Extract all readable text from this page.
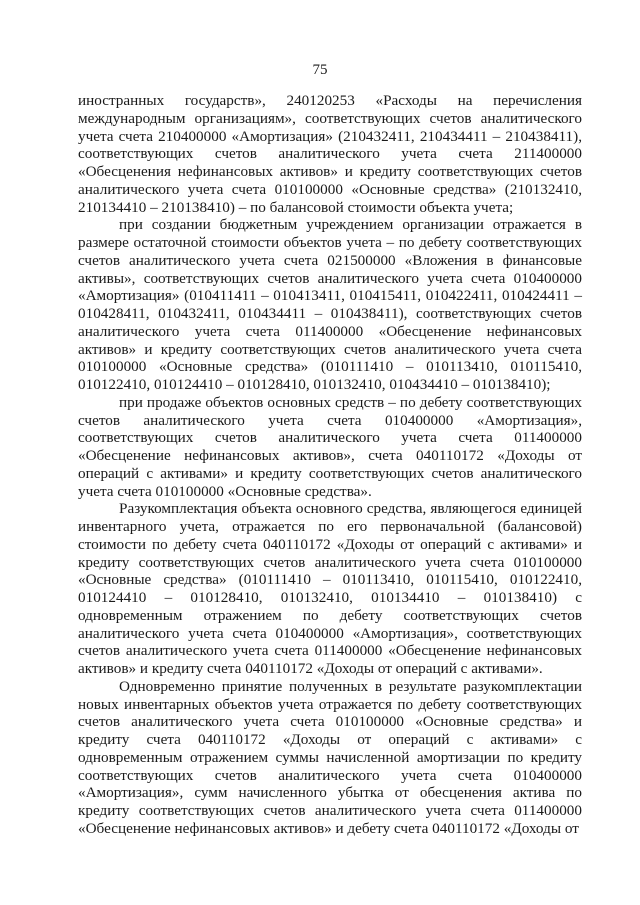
75

иностранных государств», 240120253 «Расходы на перечисления международным организациям», соответствующих счетов аналитического учета счета 210400000 «Амортизация» (210432411, 210434411 – 210438411), соответствующих счетов аналитического учета счета 211400000 «Обесценения нефинансовых активов» и кредиту соответствующих счетов аналитического учета счета 010100000 «Основные средства» (210132410, 210134410 – 210138410) – по балансовой стоимости объекта учета;

при создании бюджетным учреждением организации отражается в размере остаточной стоимости объектов учета – по дебету соответствующих счетов аналитического учета счета 021500000 «Вложения в финансовые активы», соответствующих счетов аналитического учета счета 010400000 «Амортизация» (010411411 – 010413411, 010415411, 010422411, 010424411 – 010428411, 010432411, 010434411 – 010438411), соответствующих счетов аналитического учета счета 011400000 «Обесценение нефинансовых активов» и кредиту соответствующих счетов аналитического учета счета 010100000 «Основные средства» (010111410 – 010113410, 010115410, 010122410, 010124410 – 010128410, 010132410, 010434410 – 010138410);

при продаже объектов основных средств – по дебету соответствующих счетов аналитического учета счета 010400000 «Амортизация», соответствующих счетов аналитического учета счета 011400000 «Обесценение нефинансовых активов», счета 040110172 «Доходы от операций с активами» и кредиту соответствующих счетов аналитического учета счета 010100000 «Основные средства».

Разукомплектация объекта основного средства, являющегося единицей инвентарного учета, отражается по его первоначальной (балансовой) стоимости по дебету счета 040110172 «Доходы от операций с активами» и кредиту соответствующих счетов аналитического учета счета 010100000 «Основные средства» (010111410 – 010113410, 010115410, 010122410, 010124410 – 010128410, 010132410, 010134410 – 010138410) с одновременным отражением по дебету соответствующих счетов аналитического учета счета 010400000 «Амортизация», соответствующих счетов аналитического учета счета 011400000 «Обесценение нефинансовых активов» и кредиту счета 040110172 «Доходы от операций с активами».

Одновременно принятие полученных в результате разукомплектации новых инвентарных объектов учета отражается по дебету соответствующих счетов аналитического учета счета 010100000 «Основные средства» и кредиту счета 040110172 «Доходы от операций с активами» с одновременным отражением суммы начисленной амортизации по кредиту соответствующих счетов аналитического учета счета 010400000 «Амортизация», сумм начисленного убытка от обесценения актива по кредиту соответствующих счетов аналитического учета счета 011400000 «Обесценение нефинансовых активов» и дебету счета 040110172 «Доходы от
